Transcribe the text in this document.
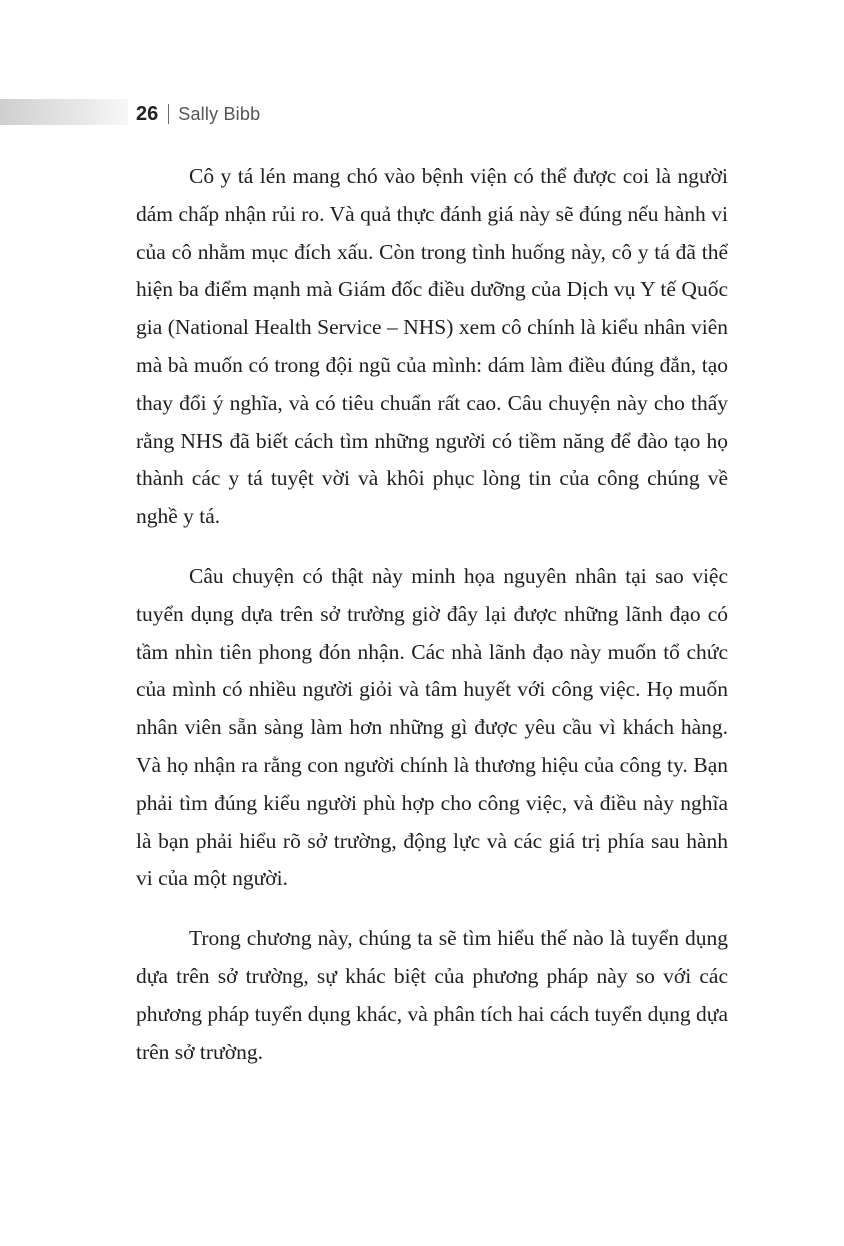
26 Sally Bibb

Cô y tá lén mang chó vào bệnh viện có thể được coi là người dám chấp nhận rủi ro. Và quả thực đánh giá này sẽ đúng nếu hành vi của cô nhằm mục đích xấu. Còn trong tình huống này, cô y tá đã thể hiện ba điểm mạnh mà Giám đốc điều dưỡng của Dịch vụ Y tế Quốc gia (National Health Service – NHS) xem cô chính là kiểu nhân viên mà bà muốn có trong đội ngũ của mình: dám làm điều đúng đắn, tạo thay đổi ý nghĩa, và có tiêu chuẩn rất cao. Câu chuyện này cho thấy rằng NHS đã biết cách tìm những người có tiềm năng để đào tạo họ thành các y tá tuyệt vời và khôi phục lòng tin của công chúng về nghề y tá.

Câu chuyện có thật này minh họa nguyên nhân tại sao việc tuyển dụng dựa trên sở trường giờ đây lại được những lãnh đạo có tầm nhìn tiên phong đón nhận. Các nhà lãnh đạo này muốn tổ chức của mình có nhiều người giỏi và tâm huyết với công việc. Họ muốn nhân viên sẵn sàng làm hơn những gì được yêu cầu vì khách hàng. Và họ nhận ra rằng con người chính là thương hiệu của công ty. Bạn phải tìm đúng kiểu người phù hợp cho công việc, và điều này nghĩa là bạn phải hiểu rõ sở trường, động lực và các giá trị phía sau hành vi của một người.

Trong chương này, chúng ta sẽ tìm hiểu thế nào là tuyển dụng dựa trên sở trường, sự khác biệt của phương pháp này so với các phương pháp tuyển dụng khác, và phân tích hai cách tuyển dụng dựa trên sở trường.
